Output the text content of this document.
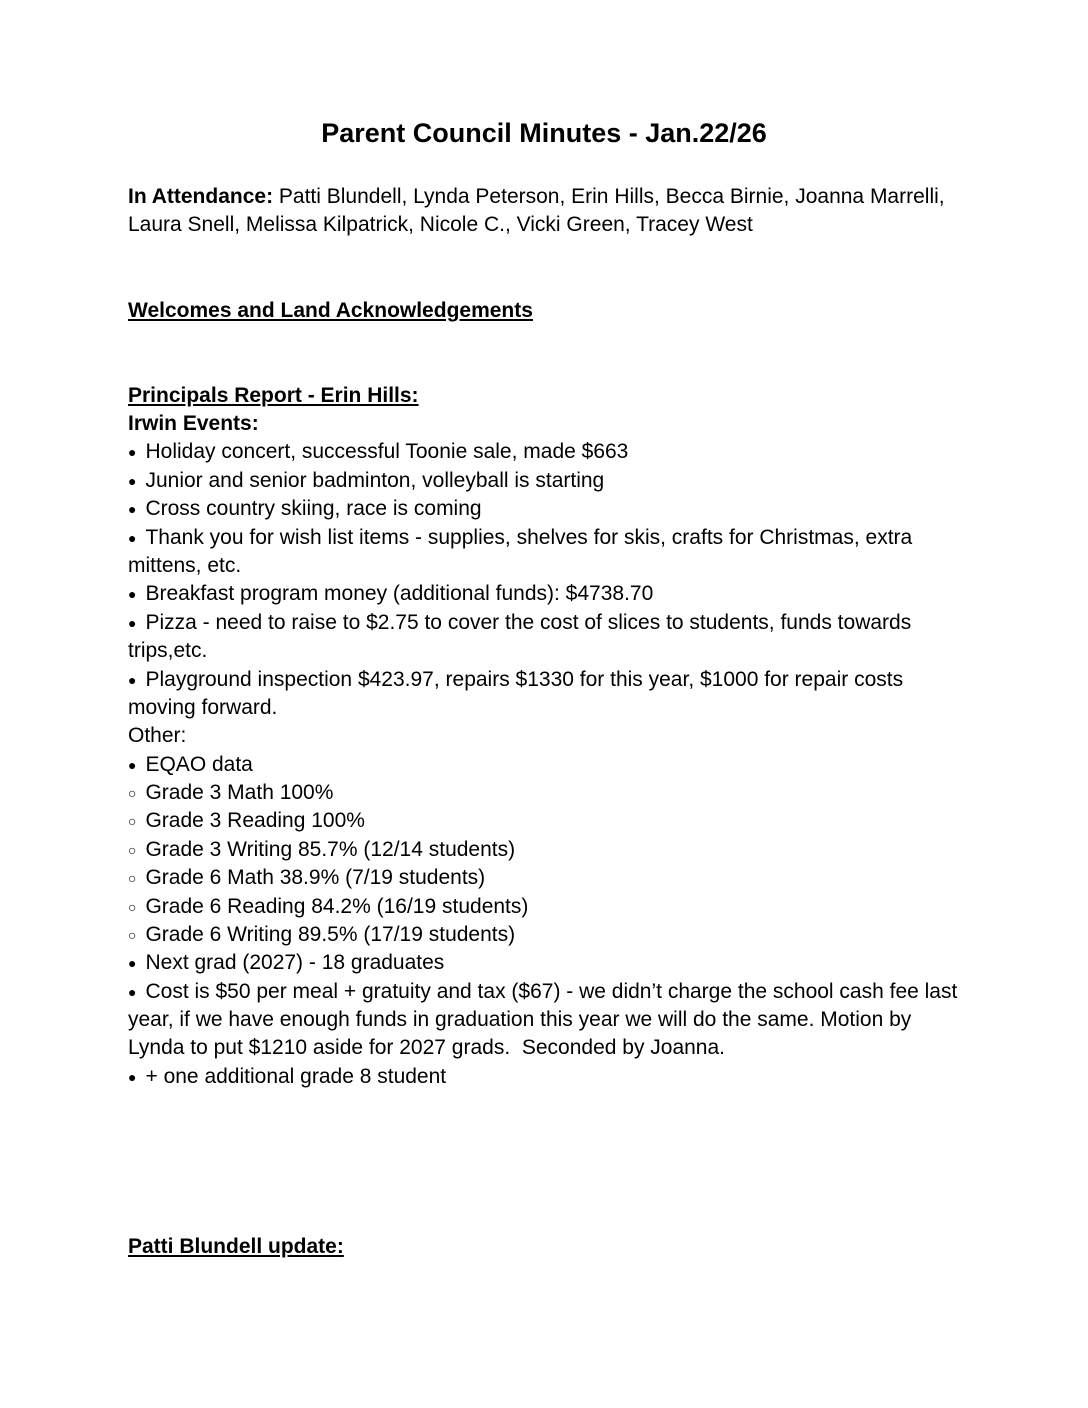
Parent Council Minutes - Jan.22/26

In Attendance: Patti Blundell, Lynda Peterson, Erin Hills, Becca Birnie, Joanna Marrelli, Laura Snell, Melissa Kilpatrick, Nicole C., Vicki Green, Tracey West

Welcomes and Land Acknowledgements

Principals Report - Erin Hills:

Irwin Events:

● Holiday concert, successful Toonie sale, made $663

● Junior and senior badminton, volleyball is starting

● Cross country skiing, race is coming

● Thank you for wish list items - supplies, shelves for skis, crafts for Christmas, extra mittens, etc.

● Breakfast program money (additional funds): $4738.70

● Pizza - need to raise to $2.75 to cover the cost of slices to students, funds towards trips,etc.

● Playground inspection $423.97, repairs $1330 for this year, $1000 for repair costs moving forward.

Other:

● EQAO data

○ Grade 3 Math 100%

○ Grade 3 Reading 100%

○ Grade 3 Writing 85.7% (12/14 students)

○ Grade 6 Math 38.9% (7/19 students)

○ Grade 6 Reading 84.2% (16/19 students)

○ Grade 6 Writing 89.5% (17/19 students)

● Next grad (2027) - 18 graduates

● Cost is $50 per meal + gratuity and tax ($67) - we didn’t charge the school cash fee last year, if we have enough funds in graduation this year we will do the same. Motion by Lynda to put $1210 aside for 2027 grads.  Seconded by Joanna.

● + one additional grade 8 student

Patti Blundell update:
